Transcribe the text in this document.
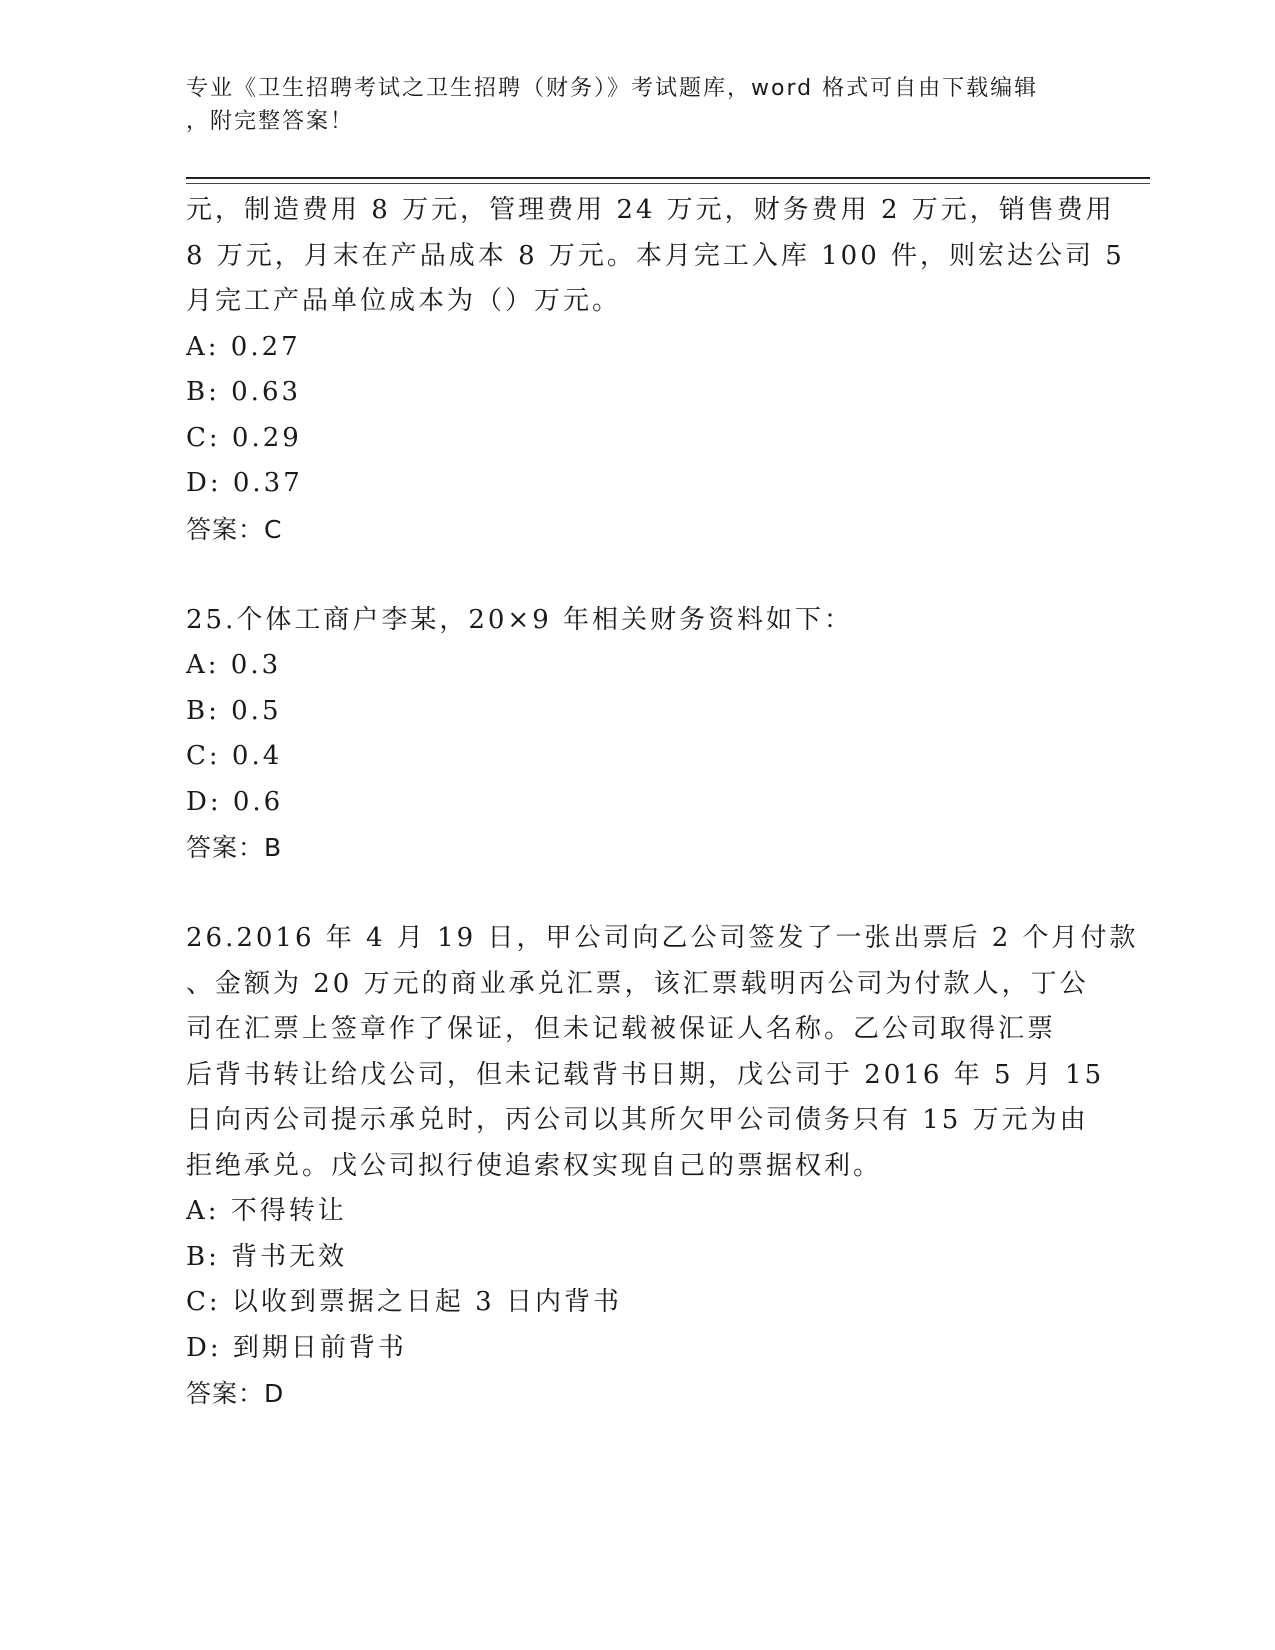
专业《卫生招聘考试之卫生招聘（财务）》考试题库，word 格式可自由下载编辑
，附完整答案！
元，制造费用 8 万元，管理费用 24 万元，财务费用 2 万元，销售费用
8 万元，月末在产品成本 8 万元。本月完工入库 100 件，则宏达公司 5
月完工产品单位成本为（）万元。
A: 0.27
B: 0.63
C: 0.29
D: 0.37
答案：C
25.个体工商户李某，20×9 年相关财务资料如下：
A: 0.3
B: 0.5
C: 0.4
D: 0.6
答案：B
26.2016 年 4 月 19 日，甲公司向乙公司签发了一张出票后 2 个月付款
、金额为 20 万元的商业承兑汇票，该汇票载明丙公司为付款人，丁公
司在汇票上签章作了保证，但未记载被保证人名称。乙公司取得汇票
后背书转让给戊公司，但未记载背书日期，戊公司于 2016 年 5 月 15
日向丙公司提示承兑时，丙公司以其所欠甲公司债务只有 15 万元为由
拒绝承兑。戊公司拟行使追索权实现自己的票据权利。
A: 不得转让
B: 背书无效
C: 以收到票据之日起 3 日内背书
D: 到期日前背书
答案：D
